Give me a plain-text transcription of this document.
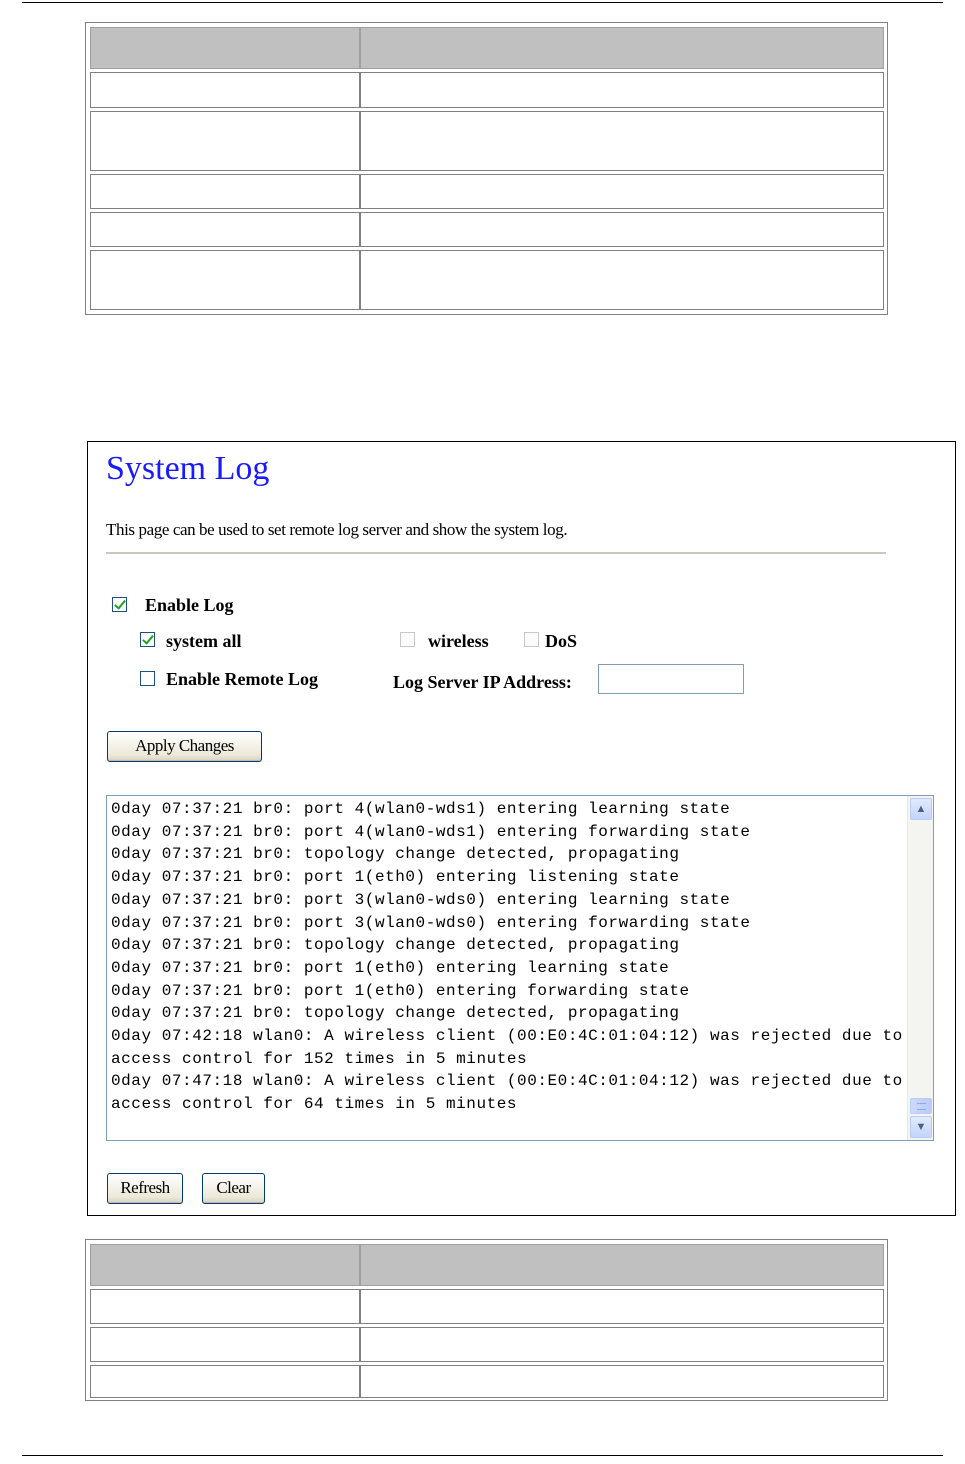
System Log
This page can be used to set remote log server and show the system log.
Enable Log
system all	wireless	DoS
Enable Remote Log	Log Server IP Address:
Apply Changes
0day 07:37:21 br0: port 4(wlan0-wds1) entering learning state
0day 07:37:21 br0: port 4(wlan0-wds1) entering forwarding state
0day 07:37:21 br0: topology change detected, propagating
0day 07:37:21 br0: port 1(eth0) entering listening state
0day 07:37:21 br0: port 3(wlan0-wds0) entering learning state
0day 07:37:21 br0: port 3(wlan0-wds0) entering forwarding state
0day 07:37:21 br0: topology change detected, propagating
0day 07:37:21 br0: port 1(eth0) entering learning state
0day 07:37:21 br0: port 1(eth0) entering forwarding state
0day 07:37:21 br0: topology change detected, propagating
0day 07:42:18 wlan0: A wireless client (00:E0:4C:01:04:12) was rejected due to
access control for 152 times in 5 minutes
0day 07:47:18 wlan0: A wireless client (00:E0:4C:01:04:12) was rejected due to
access control for 64 times in 5 minutes
▲
▼
Refresh	Clear
